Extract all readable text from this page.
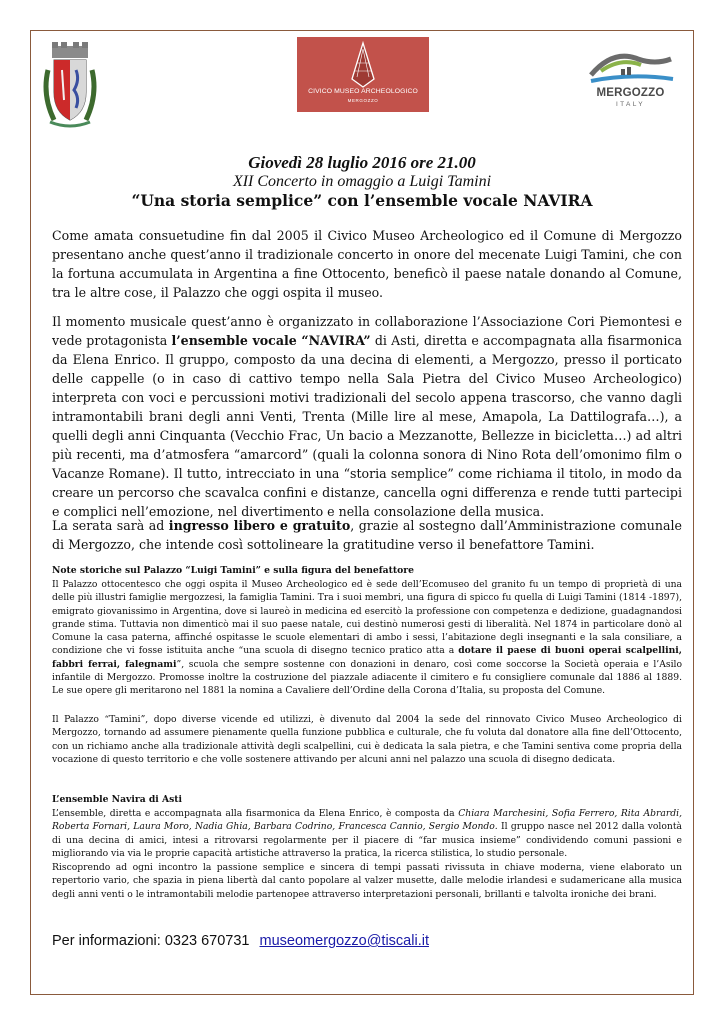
CIVICO MUSEO ARCHEOLOGICO
MERGOZZO
MERGOZZO
ITALY
Giovedì 28 luglio 2016 ore 21.00
XII Concerto in omaggio a Luigi Tamini
“Una storia semplice” con l’ensemble vocale NAVIRA

Come amata consuetudine fin dal 2005 il Civico Museo Archeologico ed il Comune di Mergozzo presentano anche quest’anno il tradizionale concerto in onore del mecenate Luigi Tamini, che con la fortuna accumulata in Argentina a fine Ottocento, beneficò il paese natale donando al Comune, tra le altre cose, il Palazzo che oggi ospita il museo.

Il momento musicale quest’anno è organizzato in collaborazione l’Associazione Cori Piemontesi e vede protagonista l’ensemble vocale “NAVIRA” di Asti, diretta e accompagnata alla fisarmonica da Elena Enrico. Il gruppo, composto da una decina di elementi, a Mergozzo, presso il porticato delle cappelle (o in caso di cattivo tempo nella Sala Pietra del Civico Museo Archeologico) interpreta con voci e percussioni motivi tradizionali del secolo appena trascorso, che vanno dagli intramontabili brani degli anni Venti, Trenta (Mille lire al mese, Amapola, La Dattilografa…), a quelli degli anni Cinquanta (Vecchio Frac, Un bacio a Mezzanotte, Bellezze in bicicletta…) ad altri più recenti, ma d’atmosfera “amarcord” (quali la colonna sonora di Nino Rota dell’omonimo film o Vacanze Romane). Il tutto, intrecciato in una “storia semplice” come richiama il titolo, in modo da creare un percorso che scavalca confini e distanze, cancella ogni differenza e rende tutti partecipi e complici nell’emozione, nel divertimento e nella consolazione della musica.

La serata sarà ad ingresso libero e gratuito, grazie al sostegno dall’Amministrazione comunale di Mergozzo, che intende così sottolineare la gratitudine verso il benefattore Tamini.

Note storiche sul Palazzo “Luigi Tamini” e sulla figura del benefattore

Il Palazzo ottocentesco che oggi ospita il Museo Archeologico ed è sede dell’Ecomuseo del granito fu un tempo di proprietà di una delle più illustri famiglie mergozzesi, la famiglia Tamini. Tra i suoi membri, una figura di spicco fu quella di Luigi Tamini (1814 -1897), emigrato giovanissimo in Argentina, dove si laureò in medicina ed esercitò la professione con competenza e dedizione, guadagnandosi grande stima. Tuttavia non dimenticò mai il suo paese natale, cui destinò numerosi gesti di liberalità. Nel 1874 in particolare donò al Comune la casa paterna, affinché ospitasse le scuole elementari di ambo i sessi, l’abitazione degli insegnanti e la sala consiliare, a condizione che vi fosse istituita anche “una scuola di disegno tecnico pratico atta a dotare il paese di buoni operai scalpellini, fabbri ferrai, falegnami”, scuola che sempre sostenne con donazioni in denaro, così come soccorse la Società operaia e l’Asilo infantile di Mergozzo. Promosse inoltre la costruzione del piazzale adiacente il cimitero e fu consigliere comunale dal 1886 al 1889. Le sue opere gli meritarono nel 1881 la nomina a Cavaliere dell’Ordine della Corona d’Italia, su proposta del Comune.

Il Palazzo “Tamini”, dopo diverse vicende ed utilizzi, è divenuto dal 2004 la sede del rinnovato Civico Museo Archeologico di Mergozzo, tornando ad assumere pienamente quella funzione pubblica e culturale, che fu voluta dal donatore alla fine dell’Ottocento, con un richiamo anche alla tradizionale attività degli scalpellini, cui è dedicata la sala pietra, e che Tamini sentiva come propria della vocazione di questo territorio e che volle sostenere attivando per alcuni anni nel palazzo una scuola di disegno dedicata.

L’ensemble Navira di Asti

L’ensemble, diretta e accompagnata alla fisarmonica da Elena Enrico, è composta da Chiara Marchesini, Sofia Ferrero, Rita Abrardi, Roberta Fornari, Laura Moro, Nadia Ghia, Barbara Codrino, Francesca Cannio, Sergio Mondo. Il gruppo nasce nel 2012 dalla volontà di una decina di amici, intesi a ritrovarsi regolarmente per il piacere di “far musica insieme” condividendo comuni passioni e migliorando via via le proprie capacità artistiche attraverso la pratica, la ricerca stilistica, lo studio personale.

Riscoprendo ad ogni incontro la passione semplice e sincera di tempi passati rivissuta in chiave moderna, viene elaborato un repertorio vario, che spazia in piena libertà dal canto popolare al valzer musette, dalle melodie irlandesi e sudamericane alla musica degli anni venti o le intramontabili melodie partenopee attraverso interpretazioni personali, brillanti e talvolta ironiche dei brani.

Per informazioni: 0323 670731 museomergozzo@tiscali.it
